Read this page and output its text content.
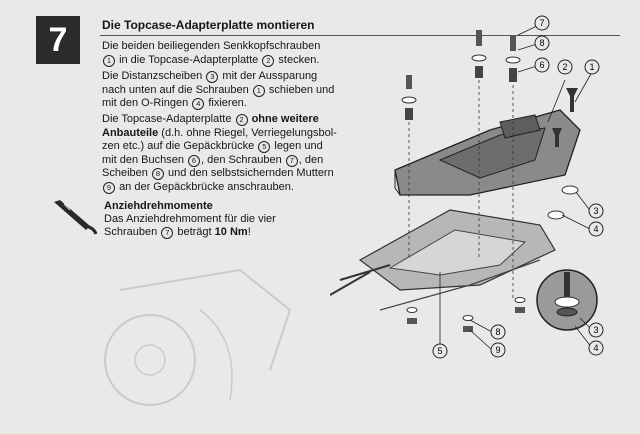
7	Die Topcase-Adapterplatte montieren
Die beiden beiliegenden Senkkopfschrauben
1 in die Topcase-Adapterplatte 2 stecken.
Die Distanzscheiben 3 mit der Aussparung
nach unten auf die Schrauben 1 schieben und
mit den O-Ringen 4 fixieren.
Die Topcase-Adapterplatte 2 ohne weitere
Anbauteile (d.h. ohne Riegel, Verriegelungsbol-
zen etc.) auf die Gepäckbrücke 5 legen und
mit den Buchsen 6 , den Schrauben 7 , den
Scheiben 8 und den selbstsichernden Muttern
9 an der Gepäckbrücke anschrauben.
Anziehdrehmomente
Das Anziehdrehmoment für die vier
Schrauben 7 beträgt 10 Nm!
7
8
6 2 1
3
4
3
4
8
9
5
